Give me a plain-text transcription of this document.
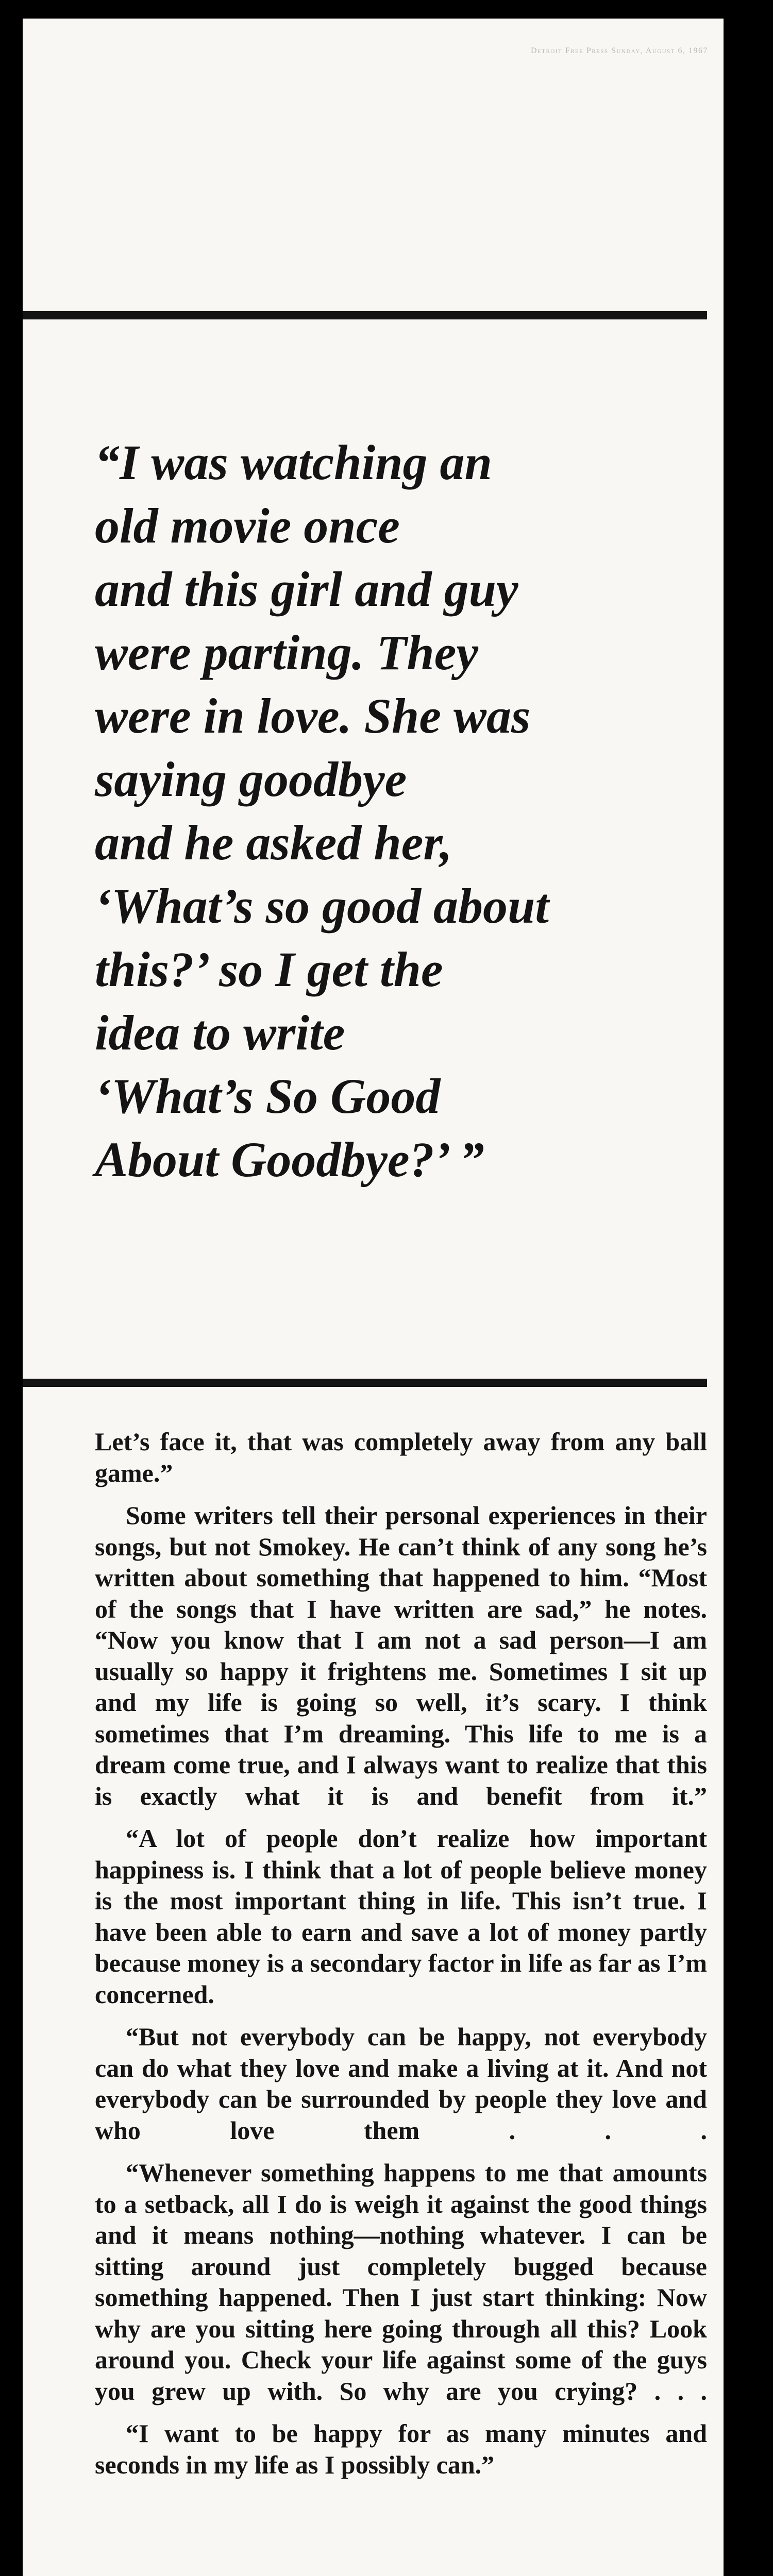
Detroit Free Press Sunday, August 6, 1967
“I was watching an
old movie once
and this girl and guy
were parting. They
were in love. She was
saying goodbye
and he asked her,
‘What’s so good about
this?’ so I get the
idea to write
‘What’s So Good
About Goodbye?’ ”

Let’s face it, that was completely away from any ball game.”

Some writers tell their personal experiences in their songs, but not Smokey. He can’t think of any song he’s written about something that happened to him. “Most of the songs that I have written are sad,” he notes. “Now you know that I am not a sad person—I am usually so happy it frightens me. Sometimes I sit up and my life is going so well, it’s scary. I think sometimes that I’m dreaming. This life to me is a dream come true, and I always want to realize that this is exactly what it is and benefit from it.”

“A lot of people don’t realize how important happiness is. I think that a lot of people believe money is the most important thing in life. This isn’t true. I have been able to earn and save a lot of money partly because money is a secondary factor in life as far as I’m concerned.

“But not everybody can be happy, not everybody can do what they love and make a living at it. And not everybody can be surrounded by people they love and who love them . . .

“Whenever something happens to me that amounts to a setback, all I do is weigh it against the good things and it means nothing—nothing whatever. I can be sitting around just completely bugged because something happened. Then I just start thinking: Now why are you sitting here going through all this? Look around you. Check your life against some of the guys you grew up with. So why are you crying? . . .

“I want to be happy for as many minutes and seconds in my life as I possibly can.”
